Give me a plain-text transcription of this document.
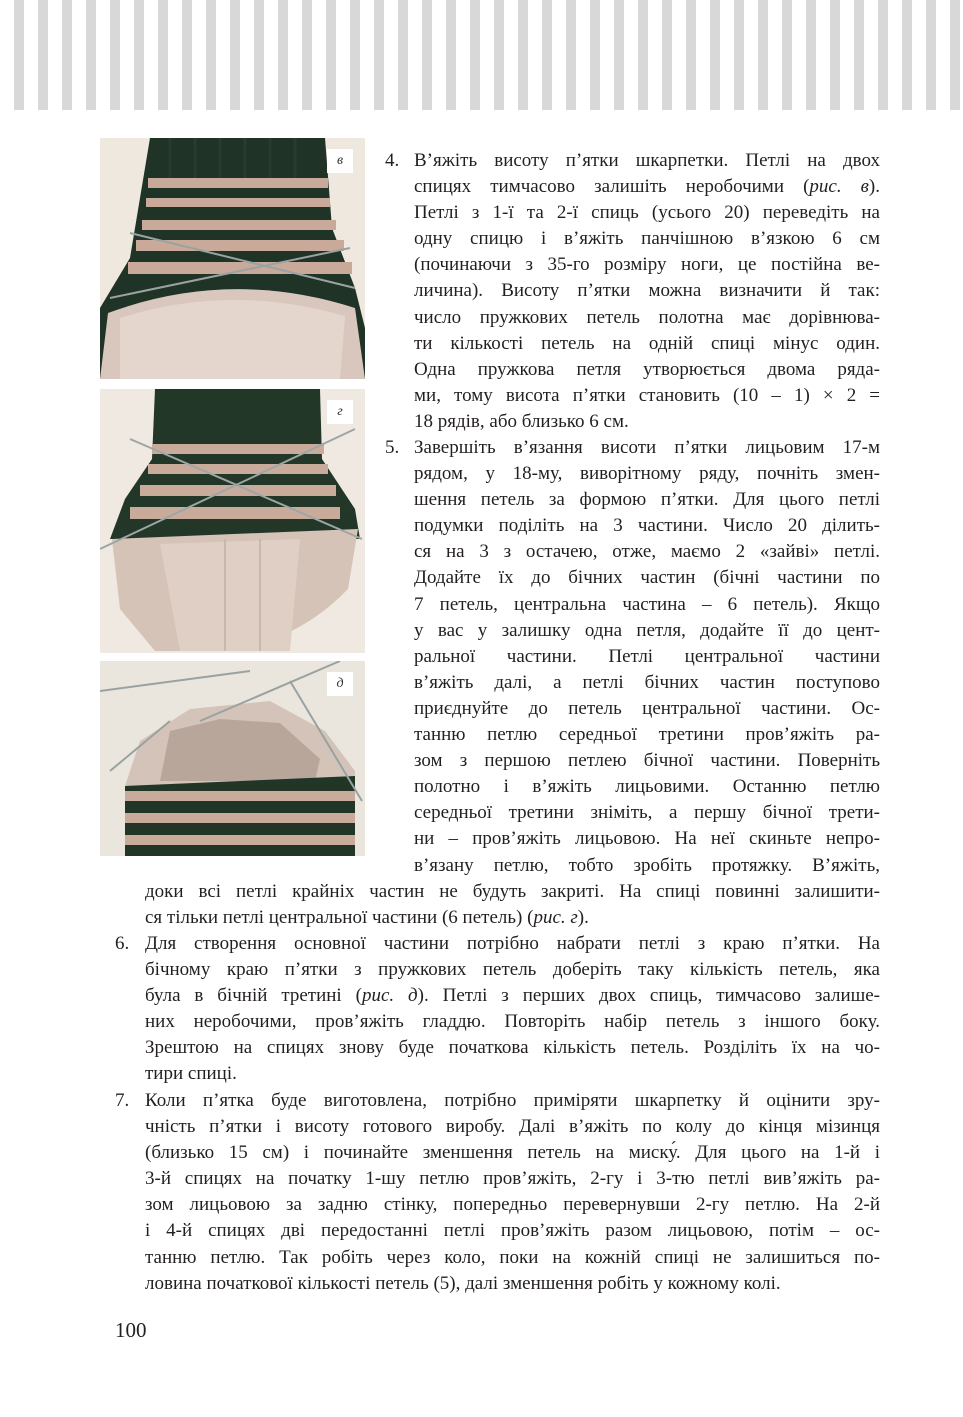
в
г
д
4. В’яжіть висоту п’ятки шкарпетки. Петлі на двох
спицях тимчасово залишіть неробочими (рис. в).
Петлі з 1-ї та 2-ї спиць (усього 20) переведіть на
одну спицю і в’яжіть панчішною в’язкою 6 см
(починаючи з 35-го розміру ноги, це постійна ве-
личина). Висоту п’ятки можна визначити й так:
число пружкових петель полотна має дорівнюва-
ти кількості петель на одній спиці мінус один.
Одна пружкова петля утворюється двома ряда-
ми, тому висота п’ятки становить (10 – 1) × 2 =
18 рядів, або близько 6 см.
5. Завершіть в’язання висоти п’ятки лицьовим 17-м
рядом, у 18-му, виворітному ряду, почніть змен-
шення петель за формою п’ятки. Для цього петлі
подумки поділіть на 3 частини. Число 20 ділить-
ся на 3 з остачею, отже, маємо 2 «зайві» петлі.
Додайте їх до бічних частин (бічні частини по
7 петель, центральна частина – 6 петель). Якщо
у вас у залишку одна петля, додайте її до цент-
ральної частини. Петлі центральної частини
в’яжіть далі, а петлі бічних частин поступово
приєднуйте до петель центральної частини. Ос-
танню петлю середньої третини пров’яжіть ра-
зом з першою петлею бічної частини. Поверніть
полотно і в’яжіть лицьовими. Останню петлю
середньої третини зніміть, а першу бічної трети-
ни – пров’яжіть лицьовою. На неї скиньте непро-
в’язану петлю, тобто зробіть протяжку. В’яжіть,
доки всі петлі крайніх частин не будуть закриті. На спиці повинні залишити-
ся тільки петлі центральної частини (6 петель) (рис. г).
6. Для створення основної частини потрібно набрати петлі з краю п’ятки. На
бічному краю п’ятки з пружкових петель доберіть таку кількість петель, яка
була в бічній третині (рис. д). Петлі з перших двох спиць, тимчасово залише-
них неробочими, пров’яжіть гладдю. Повторіть набір петель з іншого боку.
Зрештою на спицях знову буде початкова кількість петель. Розділіть їх на чо-
тири спиці.
7. Коли п’ятка буде виготовлена, потрібно приміряти шкарпетку й оцінити зру-
чність п’ятки і висоту готового виробу. Далі в’яжіть по колу до кінця мізинця
(близько 15 см) і починайте зменшення петель на миску́. Для цього на 1-й і
3-й спицях на початку 1-шу петлю пров’яжіть, 2-гу і 3-тю петлі вив’яжіть ра-
зом лицьовою за задню стінку, попередньо перевернувши 2-гу петлю. На 2-й
і 4-й спицях дві передостанні петлі пров’яжіть разом лицьовою, потім – ос-
танню петлю. Так робіть через коло, поки на кожній спиці не залишиться по-
ловина початкової кількості петель (5), далі зменшення робіть у кожному колі.
100
